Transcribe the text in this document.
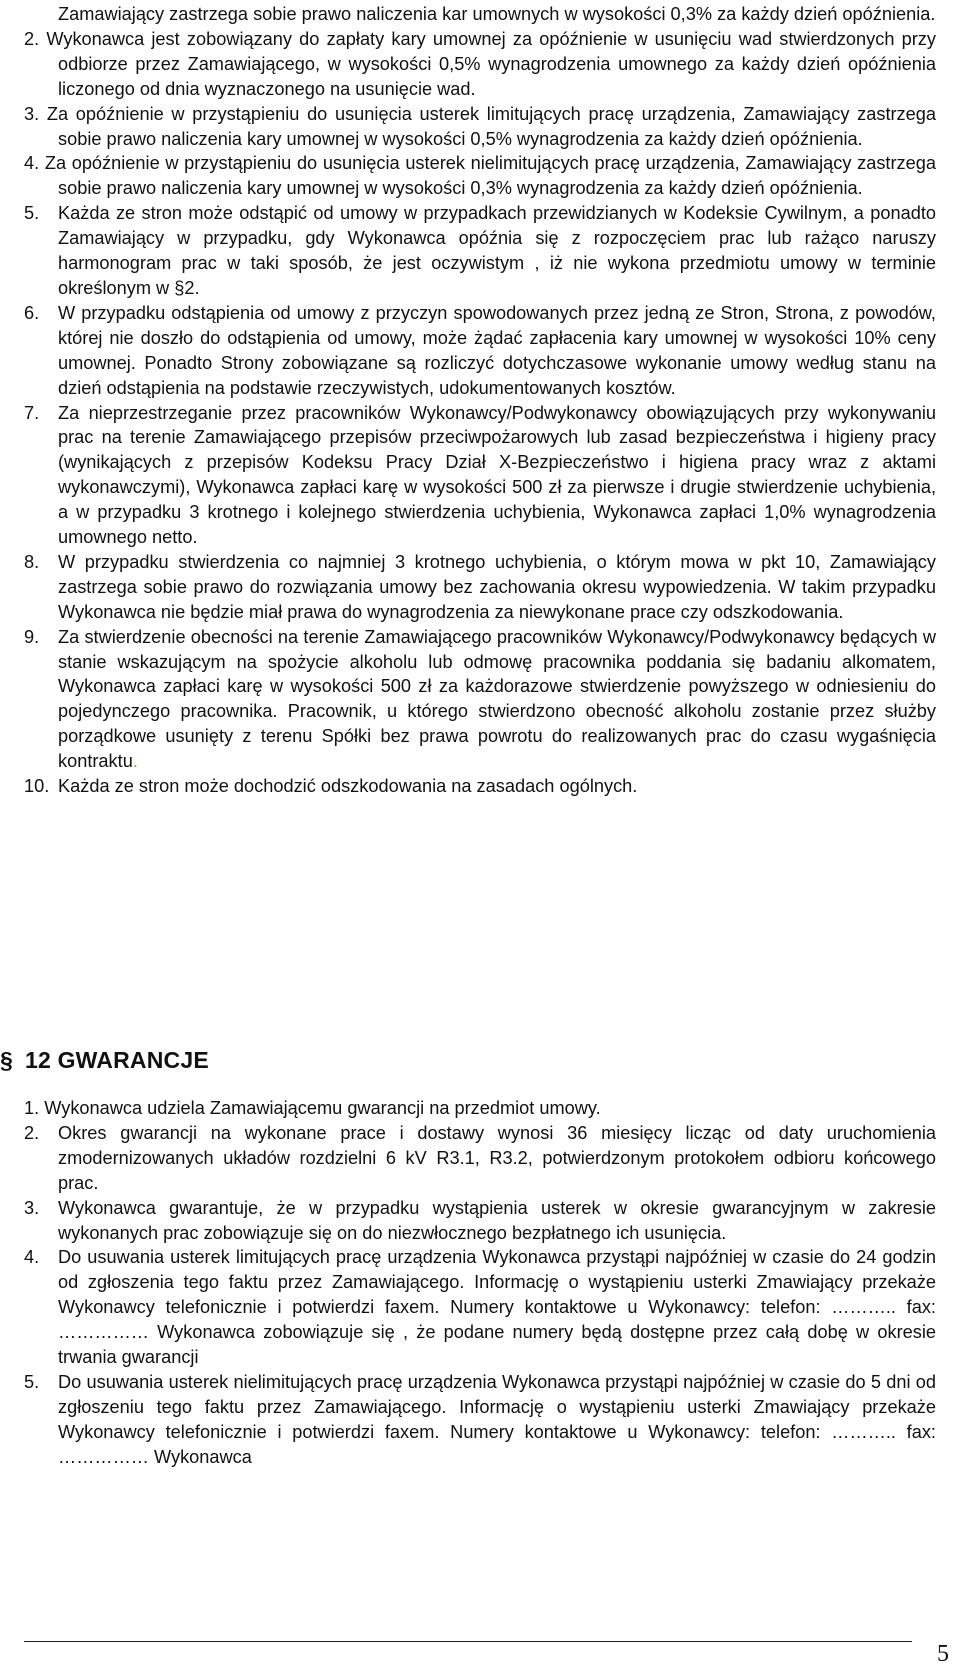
Zamawiający zastrzega sobie prawo naliczenia kar umownych w wysokości 0,3% za każdy dzień opóźnienia.
2. Wykonawca jest zobowiązany do zapłaty kary umownej za opóźnienie w usunięciu wad stwierdzonych przy odbiorze przez Zamawiającego, w wysokości 0,5% wynagrodzenia umownego za każdy dzień opóźnienia liczonego od dnia wyznaczonego na usunięcie wad.
3. Za opóźnienie w przystąpieniu do usunięcia usterek limitujących pracę urządzenia, Zamawiający zastrzega sobie prawo naliczenia kary umownej w wysokości 0,5% wynagrodzenia za każdy dzień opóźnienia.
4. Za opóźnienie w przystąpieniu do usunięcia usterek nielimitujących pracę urządzenia, Zamawiający zastrzega sobie prawo naliczenia kary umownej w wysokości 0,3% wynagrodzenia za każdy dzień opóźnienia.
5. Każda ze stron może odstąpić od umowy w przypadkach przewidzianych w Kodeksie Cywilnym, a ponadto Zamawiający w przypadku, gdy Wykonawca opóźnia się z rozpoczęciem prac lub rażąco naruszy harmonogram prac w taki sposób, że jest oczywistym , iż nie wykona przedmiotu umowy w terminie określonym w §2.
6. W przypadku odstąpienia od umowy z przyczyn spowodowanych przez jedną ze Stron, Strona, z powodów, której nie doszło do odstąpienia od umowy, może żądać zapłacenia kary umownej w wysokości 10% ceny umownej. Ponadto Strony zobowiązane są rozliczyć dotychczasowe wykonanie umowy według stanu na dzień odstąpienia na podstawie rzeczywistych, udokumentowanych kosztów.
7. Za nieprzestrzeganie przez pracowników Wykonawcy/Podwykonawcy obowiązujących przy wykonywaniu prac na terenie Zamawiającego przepisów przeciwpożarowych lub zasad bezpieczeństwa i higieny pracy (wynikających z przepisów Kodeksu Pracy Dział X-Bezpieczeństwo i higiena pracy wraz z aktami wykonawczymi), Wykonawca zapłaci karę w wysokości 500 zł za pierwsze i drugie stwierdzenie uchybienia, a w przypadku 3 krotnego i kolejnego stwierdzenia uchybienia, Wykonawca zapłaci 1,0% wynagrodzenia umownego netto.
8. W przypadku stwierdzenia co najmniej 3 krotnego uchybienia, o którym mowa w pkt 10, Zamawiający zastrzega sobie prawo do rozwiązania umowy bez zachowania okresu wypowiedzenia. W takim przypadku Wykonawca nie będzie miał prawa do wynagrodzenia za niewykonane prace czy odszkodowania.
9. Za stwierdzenie obecności na terenie Zamawiającego pracowników Wykonawcy/Podwykonawcy będących w stanie wskazującym na spożycie alkoholu lub odmowę pracownika poddania się badaniu alkomatem, Wykonawca zapłaci karę w wysokości 500 zł za każdorazowe stwierdzenie powyższego w odniesieniu do pojedynczego pracownika. Pracownik, u którego stwierdzono obecność alkoholu zostanie przez służby porządkowe usunięty z terenu Spółki bez prawa powrotu do realizowanych prac do czasu wygaśnięcia kontraktu.
10. Każda ze stron może dochodzić odszkodowania na zasadach ogólnych.
§ 12 GWARANCJE
1. Wykonawca udziela Zamawiającemu gwarancji na przedmiot umowy.
2. Okres gwarancji na wykonane prace i dostawy wynosi 36 miesięcy licząc od daty uruchomienia zmodernizowanych układów rozdzielni 6 kV R3.1, R3.2, potwierdzonym protokołem odbioru końcowego prac.
3. Wykonawca gwarantuje, że w przypadku wystąpienia usterek w okresie gwarancyjnym w zakresie wykonanych prac zobowiązuje się on do niezwłocznego bezpłatnego ich usunięcia.
4. Do usuwania usterek limitujących pracę urządzenia Wykonawca przystąpi najpóźniej w czasie do 24 godzin od zgłoszenia tego faktu przez Zamawiającego. Informację o wystąpieniu usterki Zmawiający przekaże Wykonawcy telefonicznie i potwierdzi faxem. Numery kontaktowe u Wykonawcy: telefon: ……….. fax: …………… Wykonawca zobowiązuje się , że podane numery będą dostępne przez całą dobę w okresie trwania gwarancji
5. Do usuwania usterek nielimitujących pracę urządzenia Wykonawca przystąpi najpóźniej w czasie do 5 dni od zgłoszeniu tego faktu przez Zamawiającego. Informację o wystąpieniu usterki Zmawiający przekaże Wykonawcy telefonicznie i potwierdzi faxem. Numery kontaktowe u Wykonawcy: telefon: ……….. fax: …………… Wykonawca
5
